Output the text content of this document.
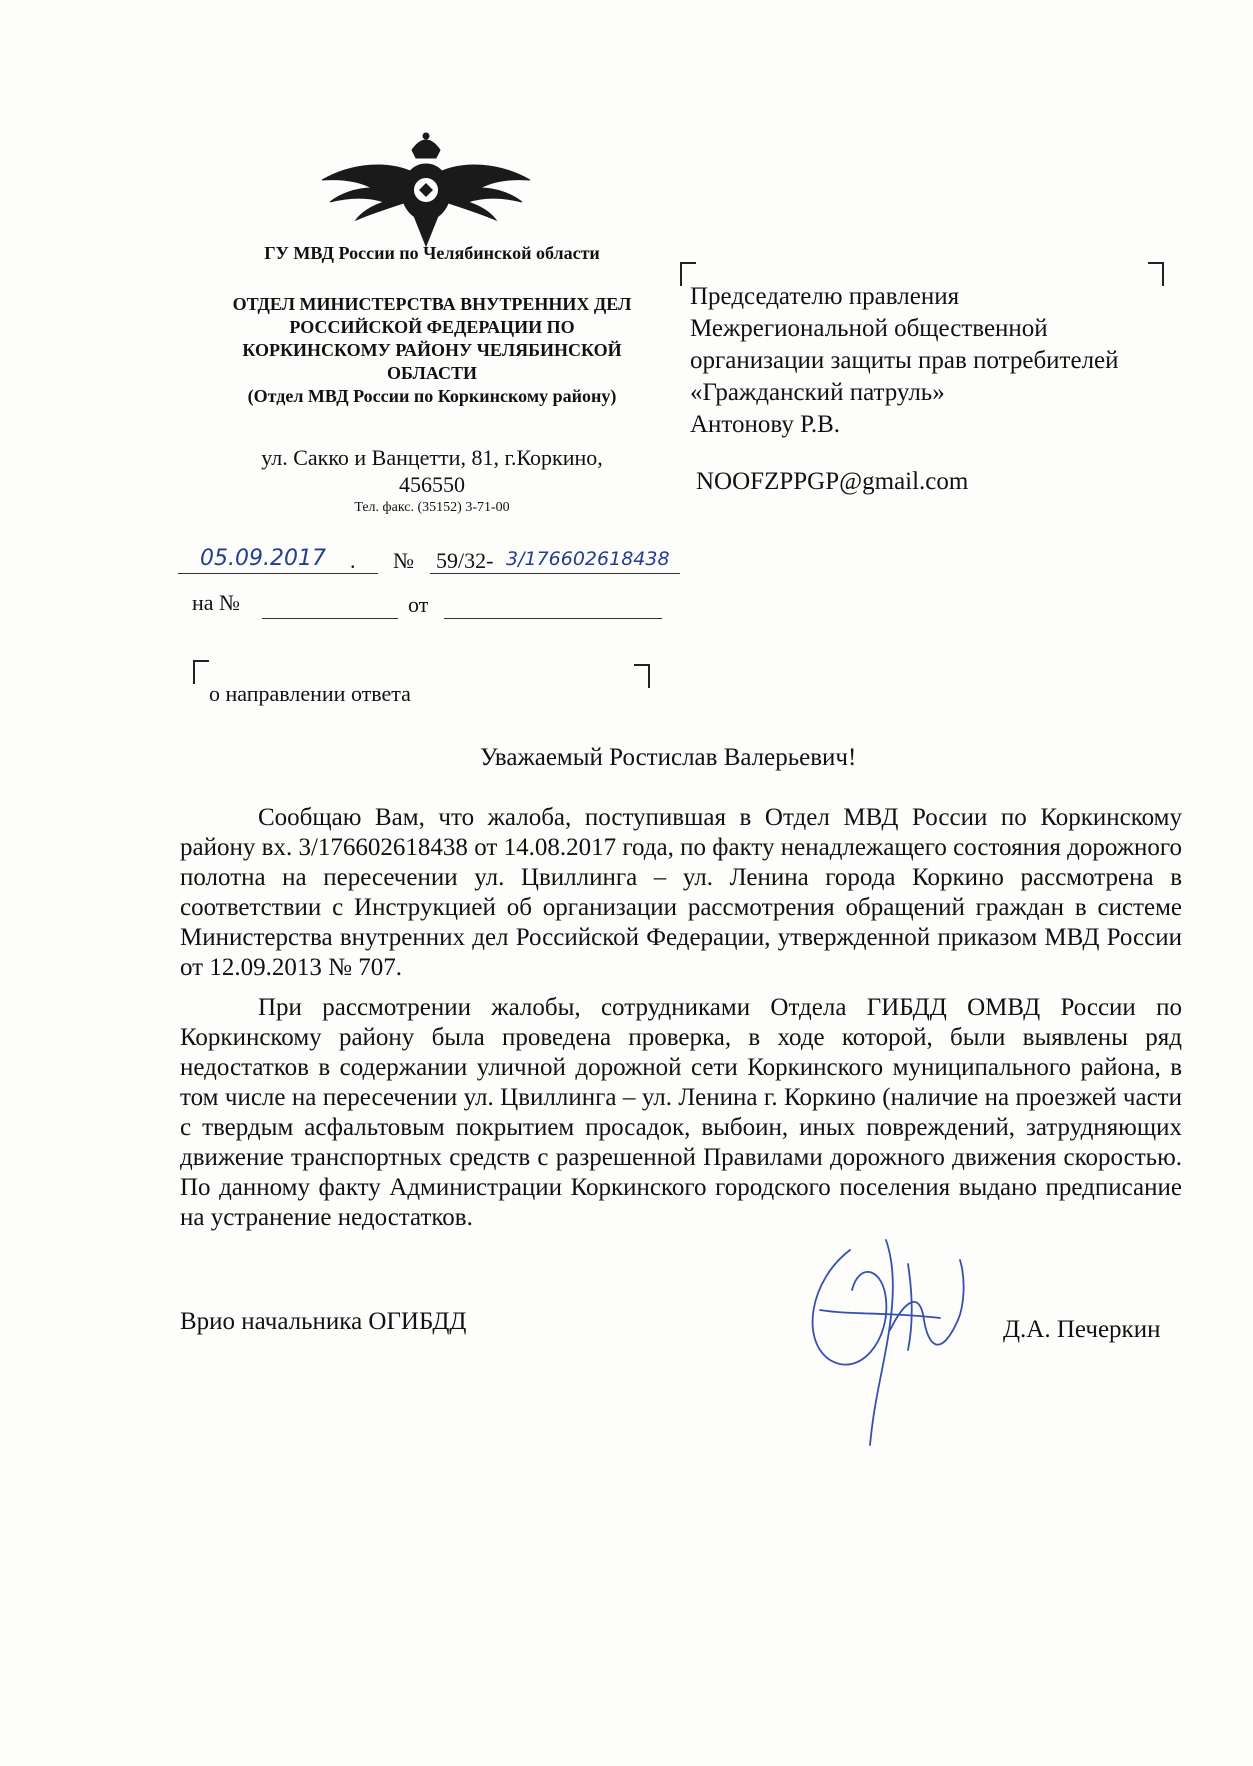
ГУ МВД России по Челябинской области
ОТДЕЛ МИНИСТЕРСТВА ВНУТРЕННИХ ДЕЛ
РОССИЙСКОЙ ФЕДЕРАЦИИ ПО
КОРКИНСКОМУ РАЙОНУ ЧЕЛЯБИНСКОЙ
ОБЛАСТИ
(Отдел МВД России по Коркинскому району)
ул. Сакко и Ванцетти, 81, г.Коркино,
456550
Тел. факс. (35152) 3-71-00
Председателю правления
Межрегиональной общественной
организации защиты прав потребителей
«Гражданский патруль»
Антонову Р.В.
NOOFZPPGP@gmail.com
05.09.2017 . № 59/32- 3/176602618438
на №	от
о направлении ответа
Уважаемый Ростислав Валерьевич!
Сообщаю Вам, что жалоба, поступившая в Отдел МВД России по Коркинскому району вх. 3/176602618438 от 14.08.2017 года, по факту ненадлежащего состояния дорожного полотна на пересечении ул. Цвиллинга – ул. Ленина города Коркино рассмотрена в соответствии с Инструкцией об организации рассмотрения обращений граждан в системе Министерства внутренних дел Российской Федерации, утвержденной приказом МВД России от 12.09.2013 № 707.
При рассмотрении жалобы, сотрудниками Отдела ГИБДД ОМВД России по Коркинскому району была проведена проверка, в ходе которой, были выявлены ряд недостатков в содержании уличной дорожной сети Коркинского муниципального района, в том числе на пересечении ул. Цвиллинга – ул. Ленина г. Коркино (наличие на проезжей части с твердым асфальтовым покрытием просадок, выбоин, иных повреждений, затрудняющих движение транспортных средств с разрешенной Правилами дорожного движения скоростью. По данному факту Администрации Коркинского городского поселения выдано предписание на устранение недостатков.
Врио начальника ОГИБДД	Д.А. Печеркин
